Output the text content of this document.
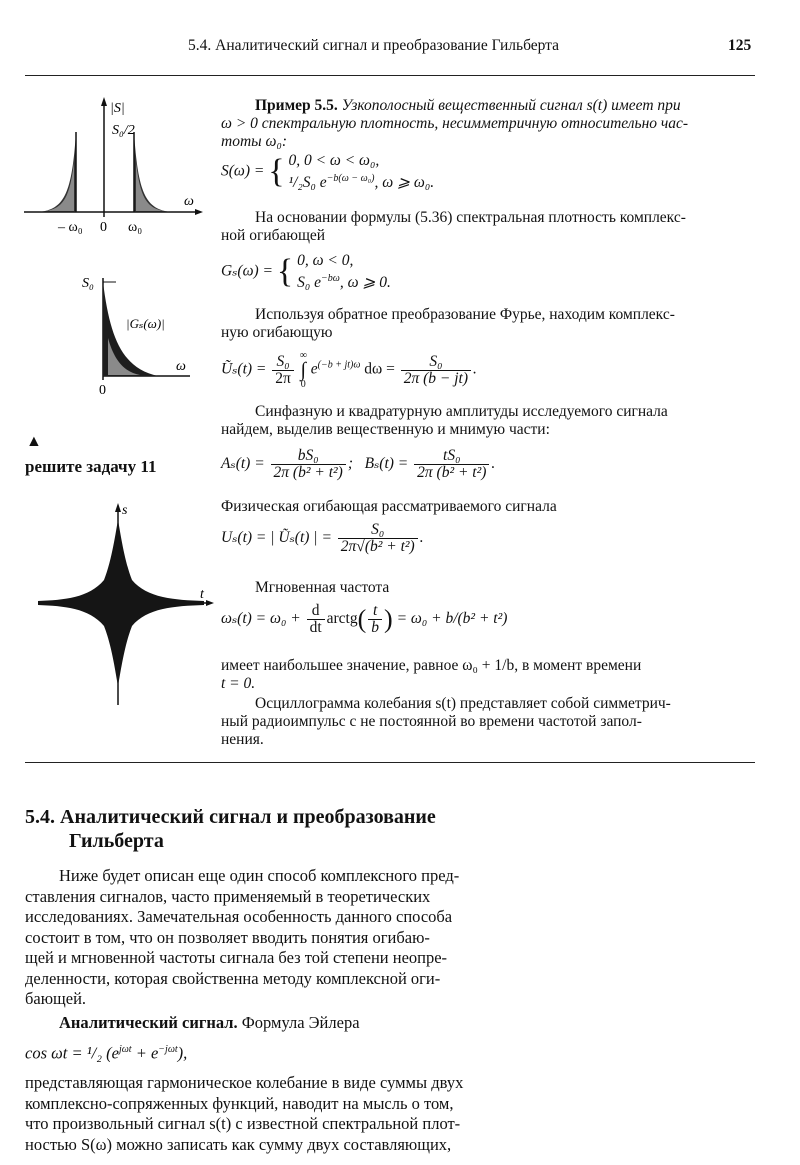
5.4. Аналитический сигнал и преобразование Гильберта	125
|S|
S₀/2
ω
– ω₀ 0 ω₀
S₀
|Gₛ(ω)|
ω
0
▲
решите задачу 11
s
t
Пример 5.5. Узкополосный вещественный сигнал s(t) имеет при
ω > 0 спектральную плотность, несимметричную относительно час-
тоты ω₀:
S(ω) = { 0, 0 < ω < ω₀,
¹/₂S₀ $e^{-b(\omega - \omega_0)}$, ω ⩾ ω₀.
На основании формулы (5.36) спектральная плотность комплекс-
ной огибающей
Gₛ(ω) = { 0, ω < 0,
S₀ $e^{-b\omega}$, ω ⩾ 0.
Используя обратное преобразование Фурье, находим комплекс-
ную огибающую
Ũₛ(t) = $\frac{\text{S₀}}{2\pi}$
∞
∫
0
$e^{(-b + jt)\omega}$ $d\omega = \frac{\text{S₀}}{2\pi (b - jt)}$ .
Синфазную и квадратурную амплитуды исследуемого сигнала
найдем, выделив вещественную и мнимую части:
$A_s(t) = \frac{\text{bS₀}}{\text{2π (b² + t²)}}$ ;   $B_s(t) = \frac{\text{tS₀}}{\text{2π (b² + t²)}}$ .
Физическая огибающая рассматриваемого сигнала
Uₛ(t) = | Ũₛ(t) | = $\frac{\text{S₀}}{\text{2π√(b² + t²)}}$ .
Мгновенная частота
$\omega_s(t) = \omega_0 + \frac{d}{dt}$ arctg( $\frac{t}{b}$ ) = ω₀ + b/(b² + t²)
имеет наибольшее значение, равное ω₀ + 1/b, в момент времени
t = 0.
Осциллограмма колебания s(t) представляет собой симметрич-
ный радиоимпульс с не постоянной во времени частотой запол-
нения.
5.4. Аналитический сигнал и преобразование
Гильберта
Ниже будет описан еще один способ комплексного пред-
ставления сигналов, часто применяемый в теоретических
исследованиях. Замечательная особенность данного способа
состоит в том, что он позволяет вводить понятия огибаю-
щей и мгновенной частоты сигнала без той степени неопре-
деленности, которая свойственна методу комплексной оги-
бающей.
Аналитический сигнал. Формула Эйлера
cos ωt = ¹/₂ $(e^{j\omega t} + e^{-j\omega t})$,
представляющая гармоническое колебание в виде суммы двух
комплексно-сопряженных функций, наводит на мысль о том,
что произвольный сигнал s(t) с известной спектральной плот-
ностью S(ω) можно записать как сумму двух составляющих,
